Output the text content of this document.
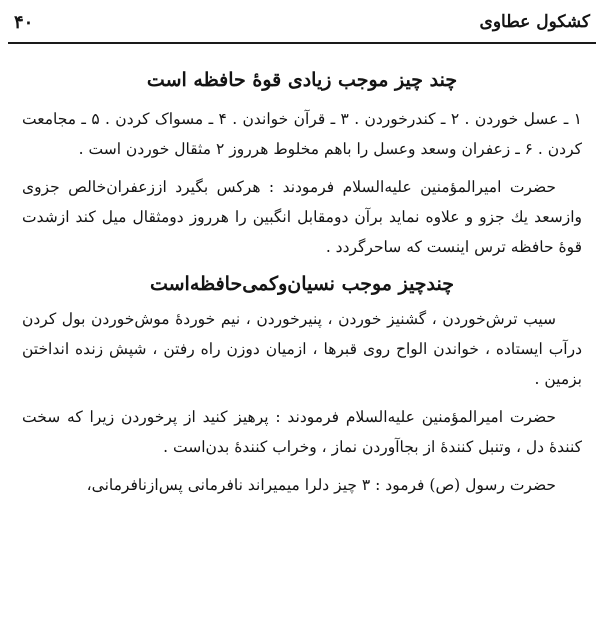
کشکول عطاوی
۴۰
چند چیز موجب زیادی قوهٔ حافظه است

۱ ـ عسل خوردن . ۲ ـ کندرخوردن . ۳ ـ قرآن خواندن . ۴ ـ مسواک کردن . ۵ ـ مجامعت کردن . ۶ ـ زعفران وسعد وعسل را باهم مخلوط هرروز ۲ مثقال خوردن است .

حضرت امیرالمؤمنین علیه‌السلام فرمودند : هرکس بگیرد اززعفران‌خالص جزوی وازسعد یك جزو و علاوه نماید برآن دومقابل انگبین را هرروز دومثقال میل کند ازشدت قوهٔ حافظه ترس اینست که ساحرگردد .

چندچیز موجب نسیان‌وکمی‌حافظه‌است

سیب ترش‌خوردن ، گشنیز خوردن ، پنیرخوردن ، نیم خوردهٔ موش‌خوردن بول کردن درآب ایستاده ، خواندن الواح روی قبرها ، ازمیان دوزن راه رفتن ، شپش زنده انداختن بزمین .

حضرت امیرالمؤمنین علیه‌السلام فرمودند : پرهیز کنید از پرخوردن زیرا که سخت کنندهٔ دل ، وتنبل کنندهٔ از بجاآوردن نماز ، وخراب کنندهٔ بدن‌است .

حضرت رسول (ص) فرمود : ۳ چیز دلرا میمیراند نافرمانی پس‌ازنافرمانی،
